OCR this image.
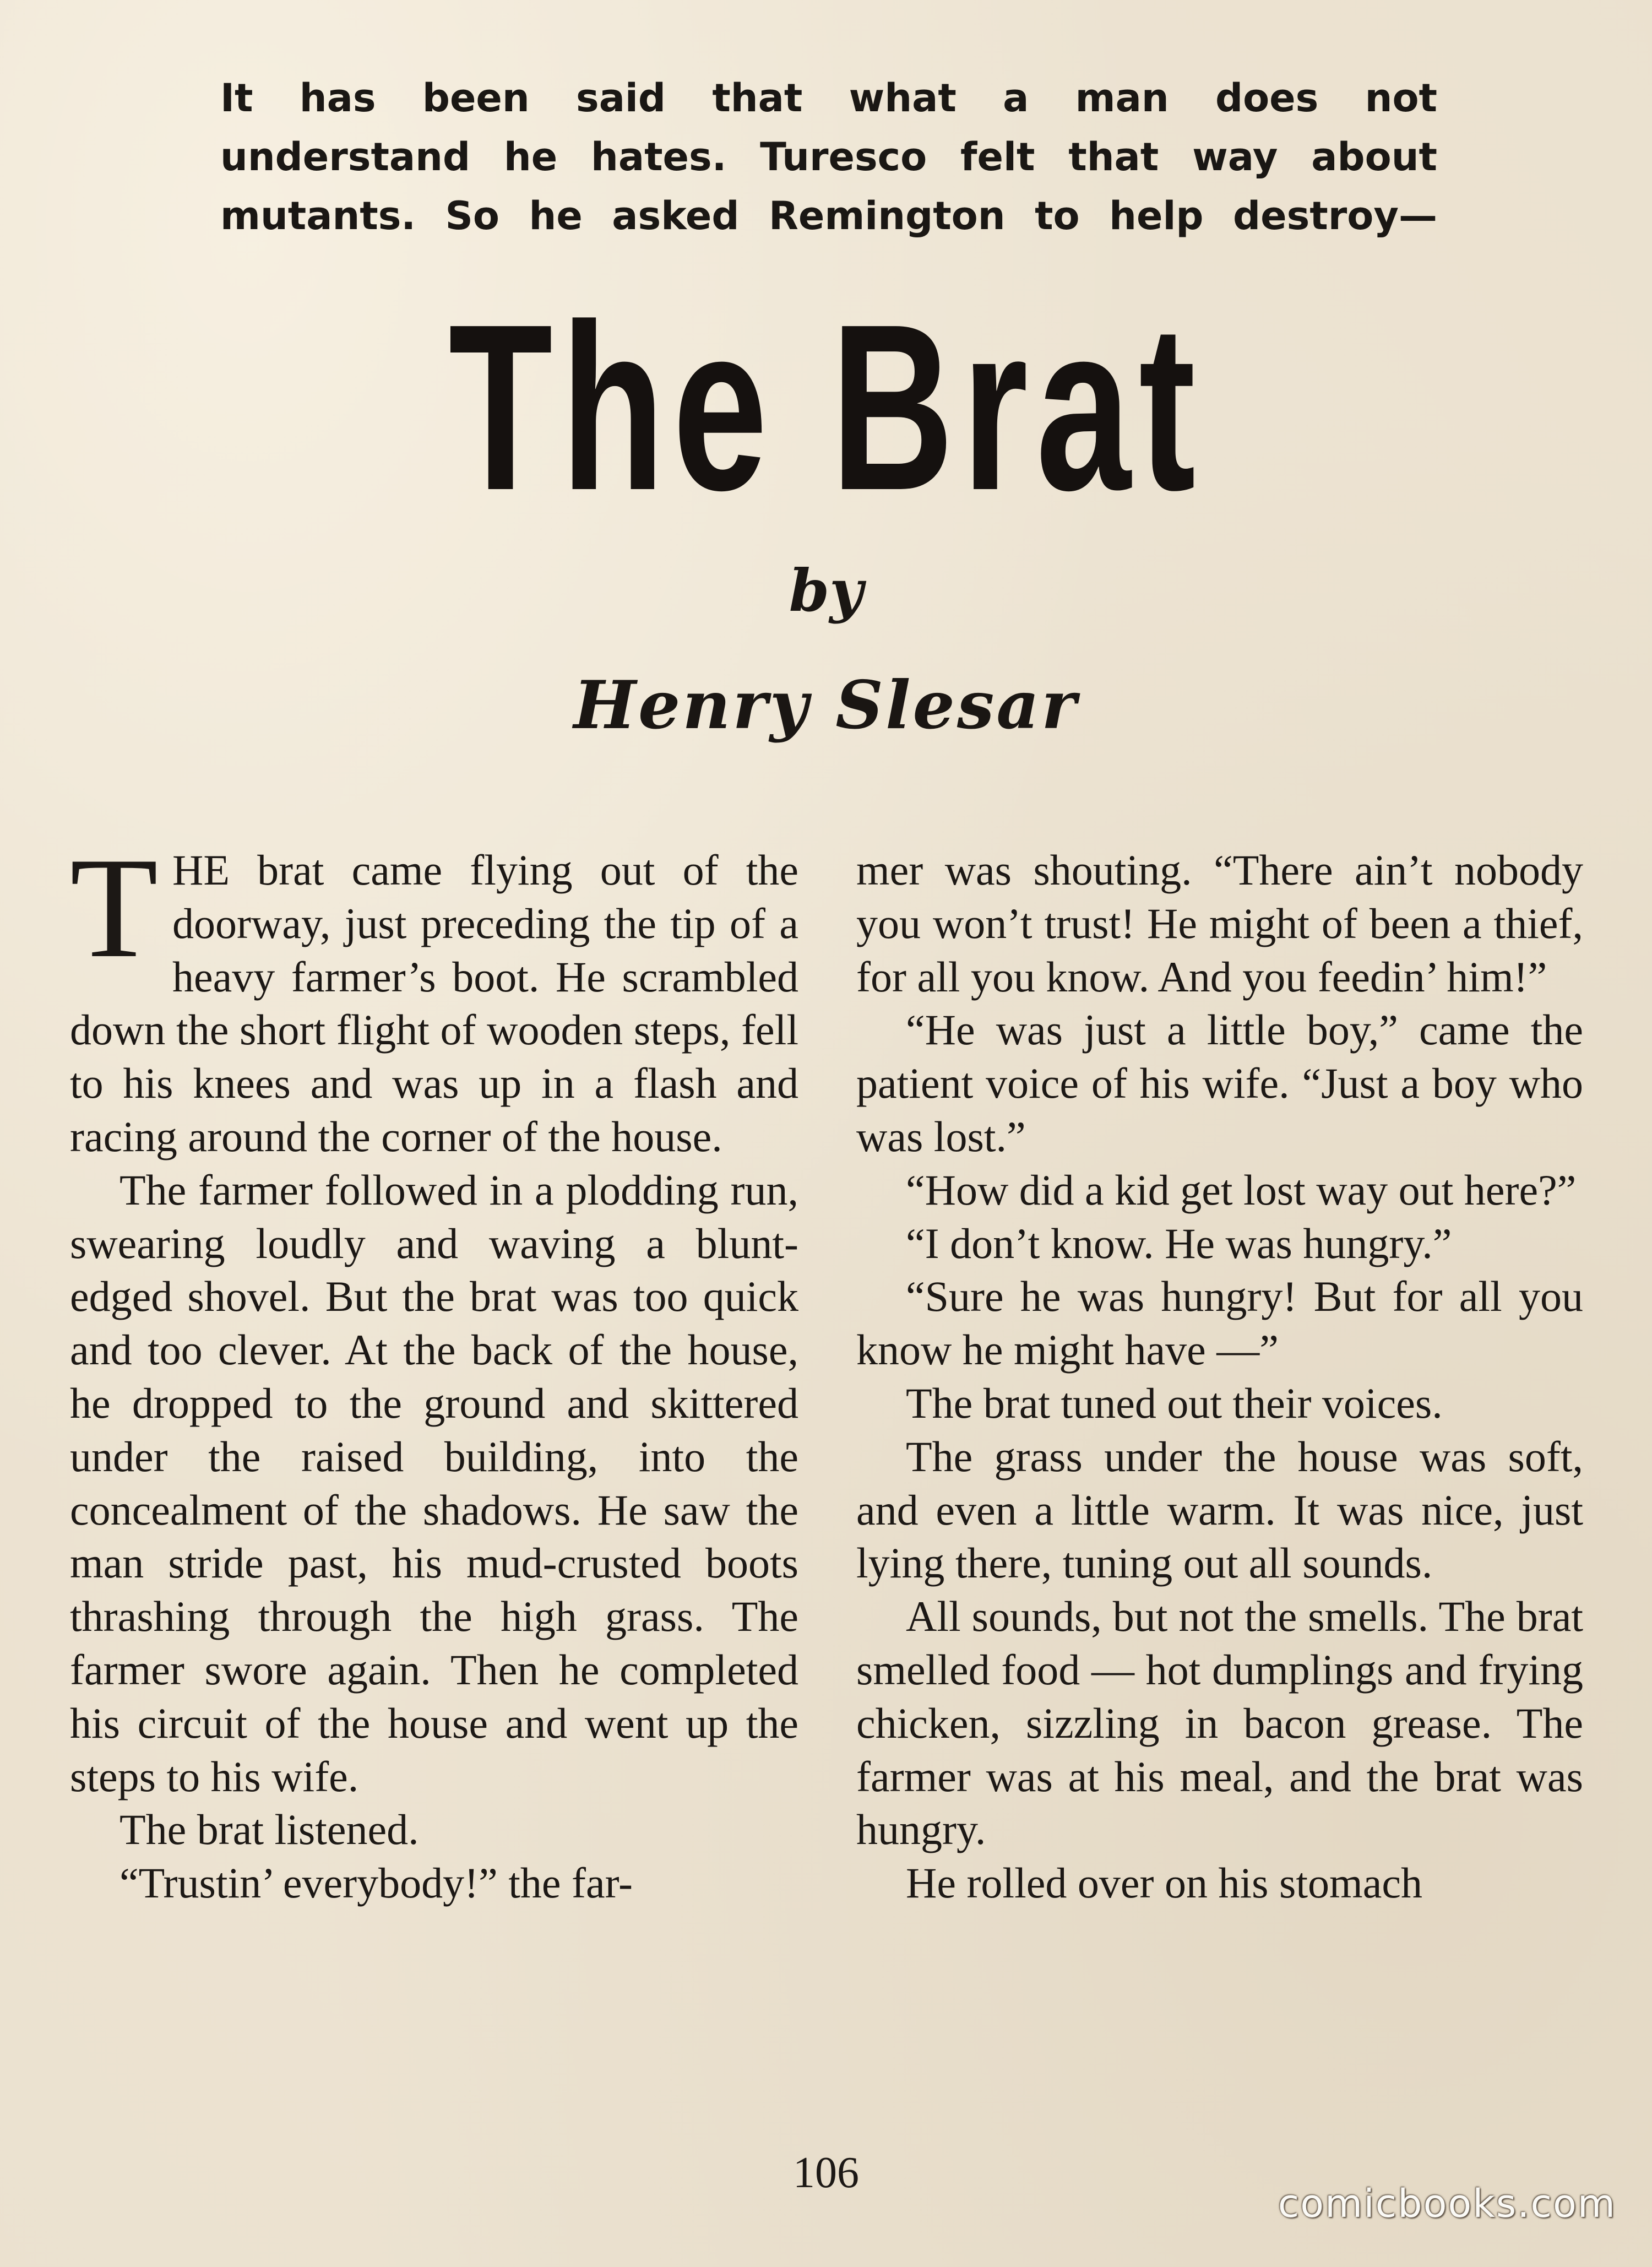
It has been said that what a man does not
understand he hates. Turesco felt that way about
mutants. So he asked Remington to help destroy—
The Brat
by
Henry Slesar

THE brat came flying out of the doorway, just preceding the tip of a heavy farmer’s boot. He scrambled down the short flight of wooden steps, fell to his knees and was up in a flash and racing around the corner of the house.

The farmer followed in a plodding run, swearing loudly and waving a blunt-edged shovel. But the brat was too quick and too clever. At the back of the house, he dropped to the ground and skittered under the raised building, into the concealment of the shadows. He saw the man stride past, his mud-crusted boots thrashing through the high grass. The farmer swore again. Then he completed his circuit of the house and went up the steps to his wife.

The brat listened.

“Trustin’ everybody!” the far-

mer was shouting. “There ain’t nobody you won’t trust! He might of been a thief, for all you know. And you feedin’ him!”

“He was just a little boy,” came the patient voice of his wife. “Just a boy who was lost.”

“How did a kid get lost way out here?”

“I don’t know. He was hungry.”

“Sure he was hungry! But for all you know he might have —”

The brat tuned out their voices.

The grass under the house was soft, and even a little warm. It was nice, just lying there, tuning out all sounds.

All sounds, but not the smells. The brat smelled food — hot dumplings and frying chicken, sizzling in bacon grease. The farmer was at his meal, and the brat was hungry.

He rolled over on his stomach

106
comicbooks.com
